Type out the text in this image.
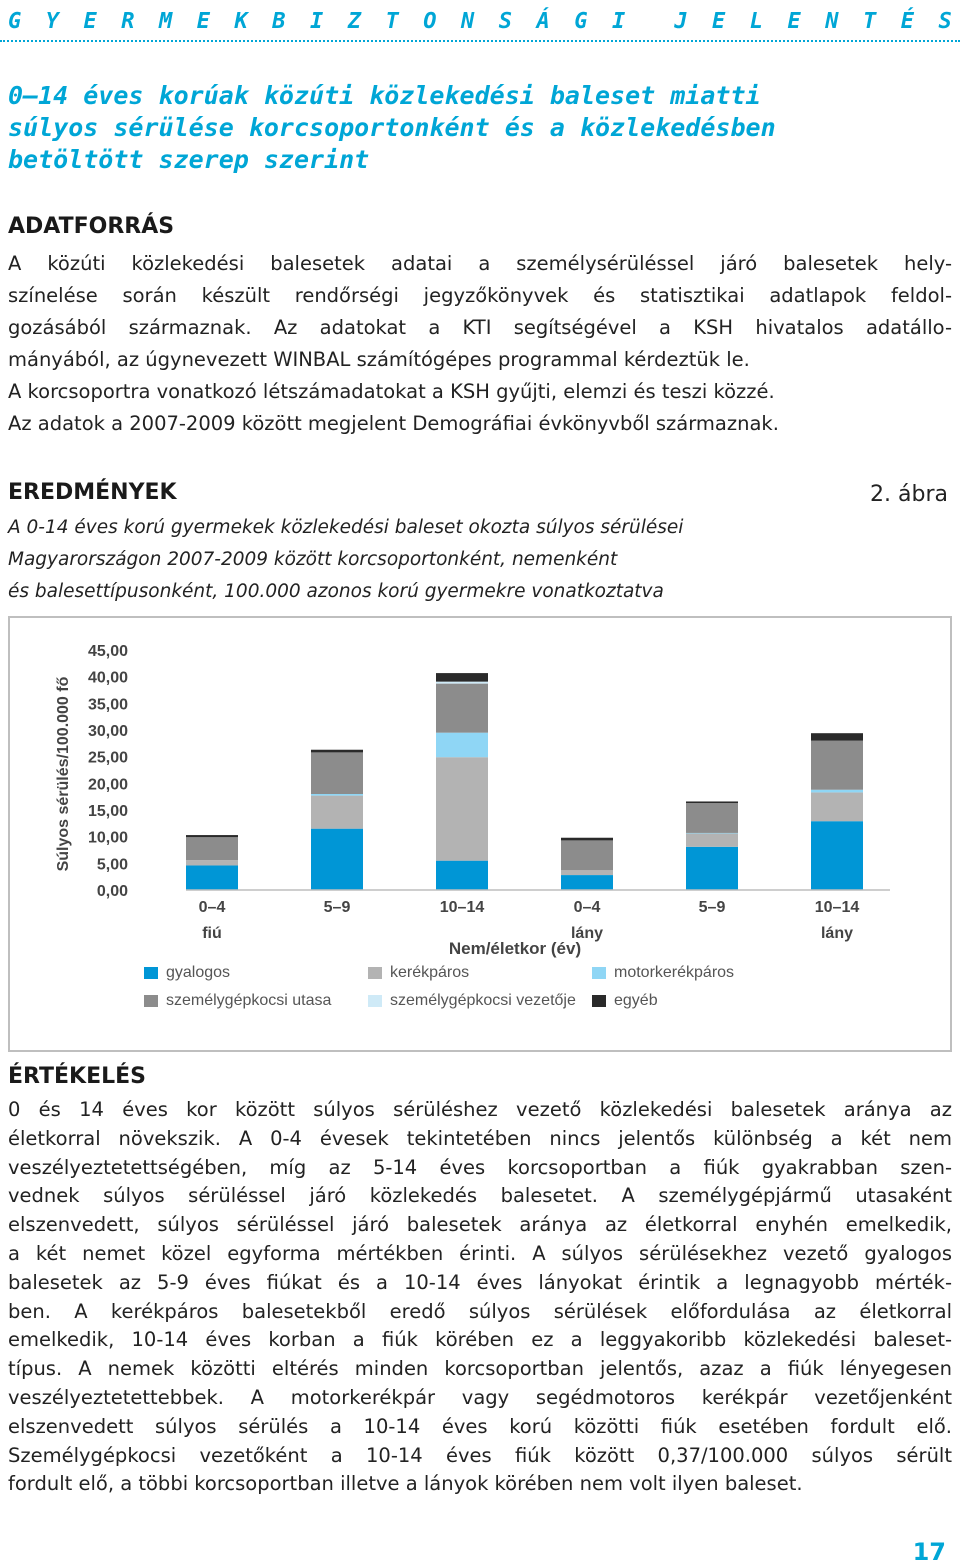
G Y E R M E K B I Z T O N S Á G I J E L E N T É S
0–14 éves korúak közúti közlekedési baleset miatti
súlyos sérülése korcsoportonként és a közlekedésben
betöltött szerep szerint
ADATFORRÁS
A közúti közlekedési balesetek adatai a személysérüléssel járó balesetek hely-
színelése során készült rendőrségi jegyzőkönyvek és statisztikai adatlapok feldol-
gozásából származnak. Az adatokat a KTI segítségével a KSH hivatalos adatállo-
mányából, az úgynevezett WINBAL számítógépes programmal kérdeztük le.
A korcsoportra vonatkozó létszámadatokat a KSH gyűjti, elemzi és teszi közzé.
Az adatok a 2007-2009 között megjelent Demográfiai évkönyvből származnak.
EREDMÉNYEK	2. ábra
A 0-14 éves korú gyermekek közlekedési baleset okozta súlyos sérülései
Magyarországon 2007-2009 között korcsoportonként, nemenként
és balesettípusonként, 100.000 azonos korú gyermekre vonatkoztatva
0,00
5,00
10,00
15,00
20,00
25,00
30,00
35,00
40,00
45,00
Súlyos sérülés/100.000 fő
0–4
fiú
5–9	10–14	0–4
lány
5–9	10–14
lány
Nem/életkor (év)
gyalogos	kerékpáros	motorkerékpáros
személygépkocsi utasa	személygépkocsi vezetője egyéb
ÉRTÉKELÉS
0 és 14 éves kor között súlyos sérüléshez vezető közlekedési balesetek aránya az
életkorral növekszik. A 0-4 évesek tekintetében nincs jelentős különbség a két nem
veszélyeztetettségében, míg az 5-14 éves korcsoportban a fiúk gyakrabban szen-
vednek súlyos sérüléssel járó közlekedés balesetet. A személygépjármű utasaként
elszenvedett, súlyos sérüléssel járó balesetek aránya az életkorral enyhén emelkedik,
a két nemet közel egyforma mértékben érinti. A súlyos sérülésekhez vezető gyalogos
balesetek az 5-9 éves fiúkat és a 10-14 éves lányokat érintik a legnagyobb mérték-
ben. A kerékpáros balesetekből eredő súlyos sérülések előfordulása az életkorral
emelkedik, 10-14 éves korban a fiúk körében ez a leggyakoribb közlekedési baleset-
típus. A nemek közötti eltérés minden korcsoportban jelentős, azaz a fiúk lényegesen
veszélyeztetettebbek. A motorkerékpár vagy segédmotoros kerékpár vezetőjenként
elszenvedett súlyos sérülés a 10-14 éves korú közötti fiúk esetében fordult elő.
Személygépkocsi vezetőként a 10-14 éves fiúk között 0,37/100.000 súlyos sérült
fordult elő, a többi korcsoportban illetve a lányok körében nem volt ilyen baleset.
17
